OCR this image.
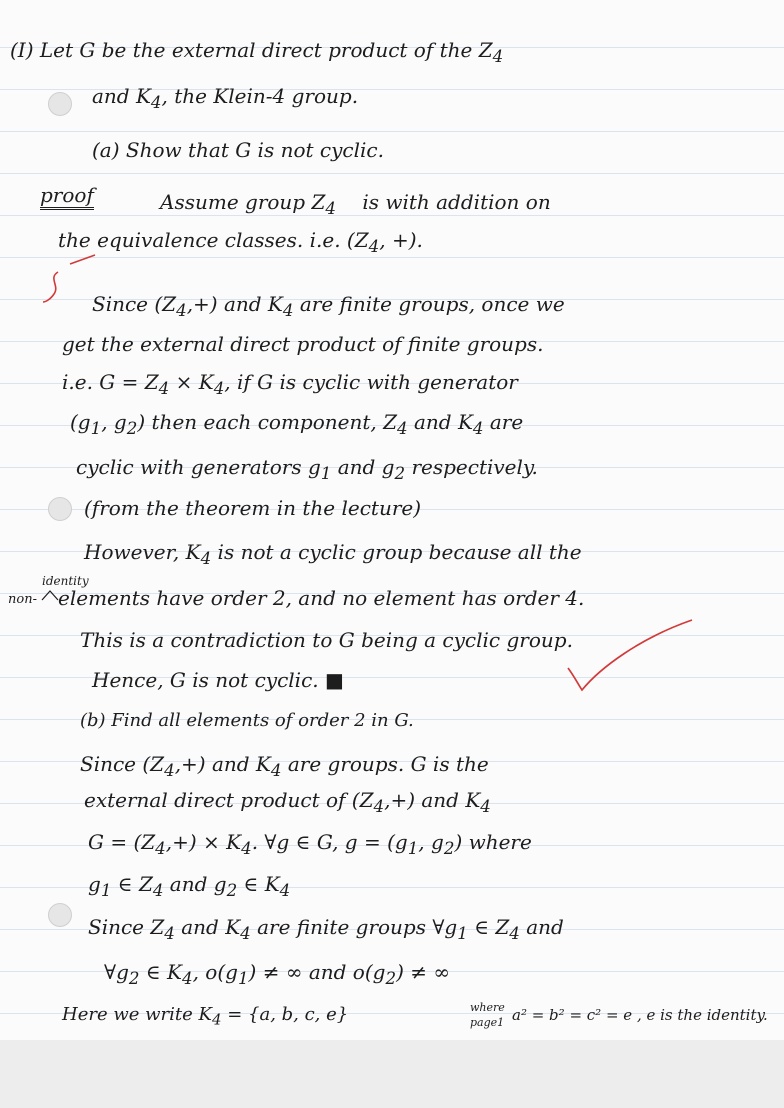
(I) Let G be the external direct product of the $Z_4$
and $K_4$, the Klein-4 group.
(a) Show that G is not cyclic.
proof	Assume group $Z_4$ is with addition on
the equivalence classes. i.e. ($Z_4$, +).
Since $(Z_4,+)$ and $K_4$ are finite groups, once we
get the external direct product of finite groups.
i.e. $G = Z_4 \times K_4$, if G is cyclic with generator
($g_1$, $g_2$) then each component, $Z_4$ and $K_4$ are
cyclic with generators $g_1$ and $g_2$ respectively.
(from the theorem in the lecture)
However, $K_4$ is not a cyclic group because all the
non-
identity
elements have order 2, and no element has order 4.
This is a contradiction to G being a cyclic group.
Hence, G is not cyclic. ■
(b) Find all elements of order 2 in G.
Since $(Z_4,+)$ and $K_4$ are groups. G is the
external direct product of $(Z_4,+)$ and $K_4$
$G = (Z_4,+) \times K_4$. ∀g ∈ G, $g = (g_1$, $g_2$) where
$g_1$ ∈ $Z_4$ and $g_2$ ∈ $K_4$
Since $Z_4$ and $K_4$ are finite groups $\forall g_1$ ∈ $Z_4$ and
$\forall g_2$ ∈ $K_4$, $o(g_1)$ ≠ ∞ and $o(g_2)$ ≠ ∞
Here we write $K_4 = \{a$, b, c, e}	where
page1 a² = b² = c² = e , e is the identity.
